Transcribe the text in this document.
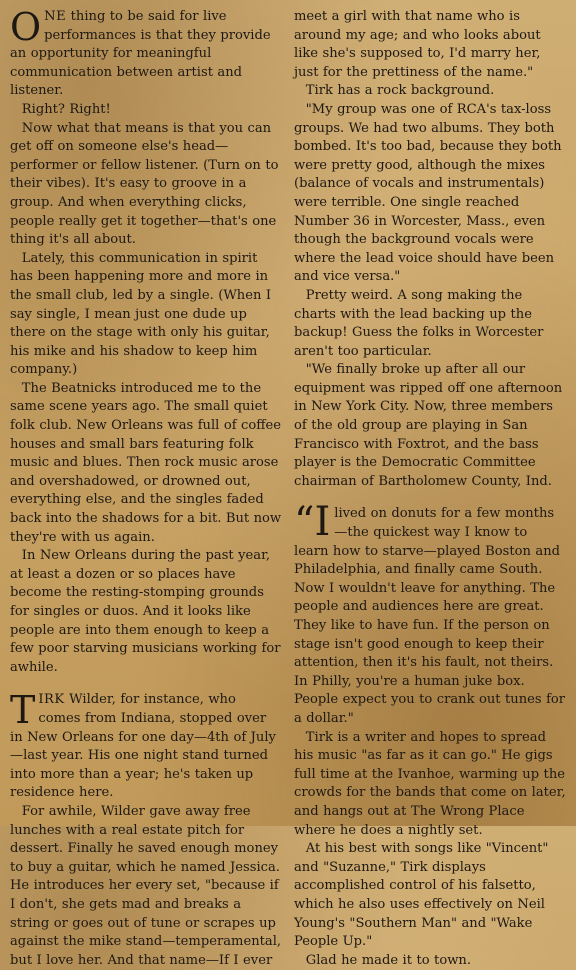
ONE thing to be said for live performances is that they provide an opportunity for meaningful communication between artist and listener.

Right? Right!

Now what that means is that you can get off on someone else's head—performer or fellow listener. (Turn on to their vibes). It's easy to groove in a group. And when everything clicks, people really get it together—that's one thing it's all about.

Lately, this communication in spirit has been happening more and more in the small club, led by a single. (When I say single, I mean just one dude up there on the stage with only his guitar, his mike and his shadow to keep him company.)

The Beatnicks introduced me to the same scene years ago. The small quiet folk club. New Orleans was full of coffee houses and small bars featuring folk music and blues. Then rock music arose and overshadowed, or drowned out, everything else, and the singles faded back into the shadows for a bit. But now they're with us again.

In New Orleans during the past year, at least a dozen or so places have become the resting-stomping grounds for singles or duos. And it looks like people are into them enough to keep a few poor starving musicians working for awhile.

TIRK Wilder, for instance, who comes from Indiana, stopped over in New Orleans for one day—4th of July—last year. His one night stand turned into more than a year; he's taken up residence here.

For awhile, Wilder gave away free lunches with a real estate pitch for dessert. Finally he saved enough money to buy a guitar, which he named Jessica. He introduces her every set, "because if I don't, she gets mad and breaks a string or goes out of tune or scrapes up against the mike stand—temperamental, but I love her. And that name—If I ever

meet a girl with that name who is around my age; and who looks about like she's supposed to, I'd marry her, just for the prettiness of the name."

Tirk has a rock background.

"My group was one of RCA's tax-loss groups. We had two albums. They both bombed. It's too bad, because they both were pretty good, although the mixes (balance of vocals and instrumentals) were terrible. One single reached Number 36 in Worcester, Mass., even though the background vocals were where the lead voice should have been and vice versa."

Pretty weird. A song making the charts with the lead backing up the backup! Guess the folks in Worcester aren't too particular.

"We finally broke up after all our equipment was ripped off one afternoon in New York City. Now, three members of the old group are playing in San Francisco with Foxtrot, and the bass player is the Democratic Committee chairman of Bartholomew County, Ind.

“I lived on donuts for a few months—the quickest way I know to learn how to starve—played Boston and Philadelphia, and finally came South. Now I wouldn't leave for anything. The people and audiences here are great. They like to have fun. If the person on stage isn't good enough to keep their attention, then it's his fault, not theirs. In Philly, you're a human juke box. People expect you to crank out tunes for a dollar."

Tirk is a writer and hopes to spread his music "as far as it can go." He gigs full time at the Ivanhoe, warming up the crowds for the bands that come on later, and hangs out at The Wrong Place where he does a nightly set.

At his best with songs like "Vincent" and "Suzanne," Tirk displays accomplished control of his falsetto, which he also uses effectively on Neil Young's "Southern Man" and "Wake People Up."

Glad he made it to town.
